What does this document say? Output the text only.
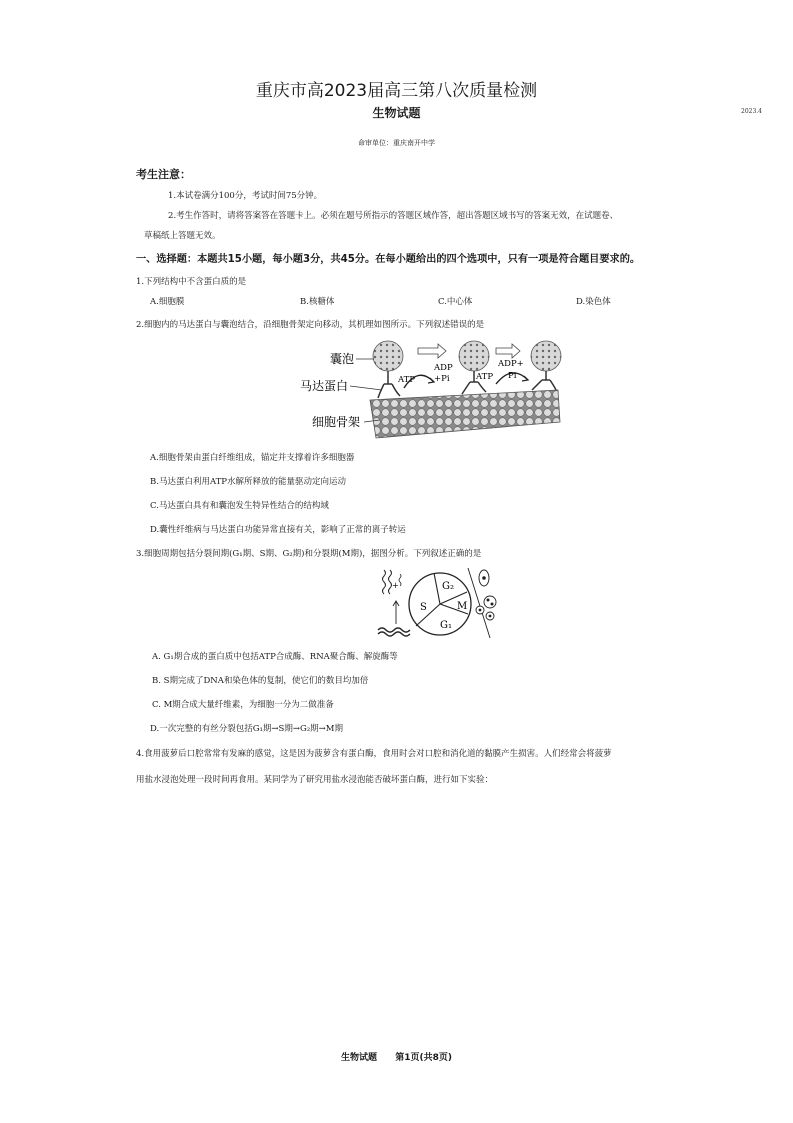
重庆市高2023届高三第八次质量检测
生物试题	2023.4
命审单位：重庆南开中学
考生注意：
1.本试卷满分100分，考试时间75分钟。
2.考生作答时，请将答案答在答题卡上。必须在题号所指示的答题区域作答，超出答题区域书写的答案无效，在试题卷、
草稿纸上答题无效。
一、选择题：本题共15小题，每小题3分，共45分。在每小题给出的四个选项中，只有一项是符合题目要求的。
1.下列结构中不含蛋白质的是
A.细胞膜	B.核糖体	C.中心体	D.染色体
2.细胞内的马达蛋白与囊泡结合，沿细胞骨架定向移动，其机理如图所示。下列叙述错误的是
囊泡
马达蛋白
细胞骨架
ATP
ADP
+Pi	ATP
ADP+
Pi
A.细胞骨架由蛋白纤维组成，锚定并支撑着许多细胞器
B.马达蛋白利用ATP水解所释放的能量驱动定向运动
C.马达蛋白具有和囊泡发生特异性结合的结构域
D.囊性纤维病与马达蛋白功能异常直接有关，影响了正常的离子转运
3.细胞周期包括分裂间期(G₁期、S期、G₂期)和分裂期(M期)，据图分析。下列叙述正确的是
S
G₂
G₁
M
+
A. G₁期合成的蛋白质中包括ATP合成酶、RNA聚合酶、解旋酶等
B. S期完成了DNA和染色体的复制，使它们的数目均加倍
C. M期合成大量纤维素，为细胞一分为二做准备
D.一次完整的有丝分裂包括G₁期→S期→G₂期→M期
4.食用菠萝后口腔常常有发麻的感觉，这是因为菠萝含有蛋白酶，食用时会对口腔和消化道的黏膜产生损害。人们经常会将菠萝
用盐水浸泡处理一段时间再食用。某同学为了研究用盐水浸泡能否破坏蛋白酶，进行如下实验：
生物试题 第1页(共8页)
